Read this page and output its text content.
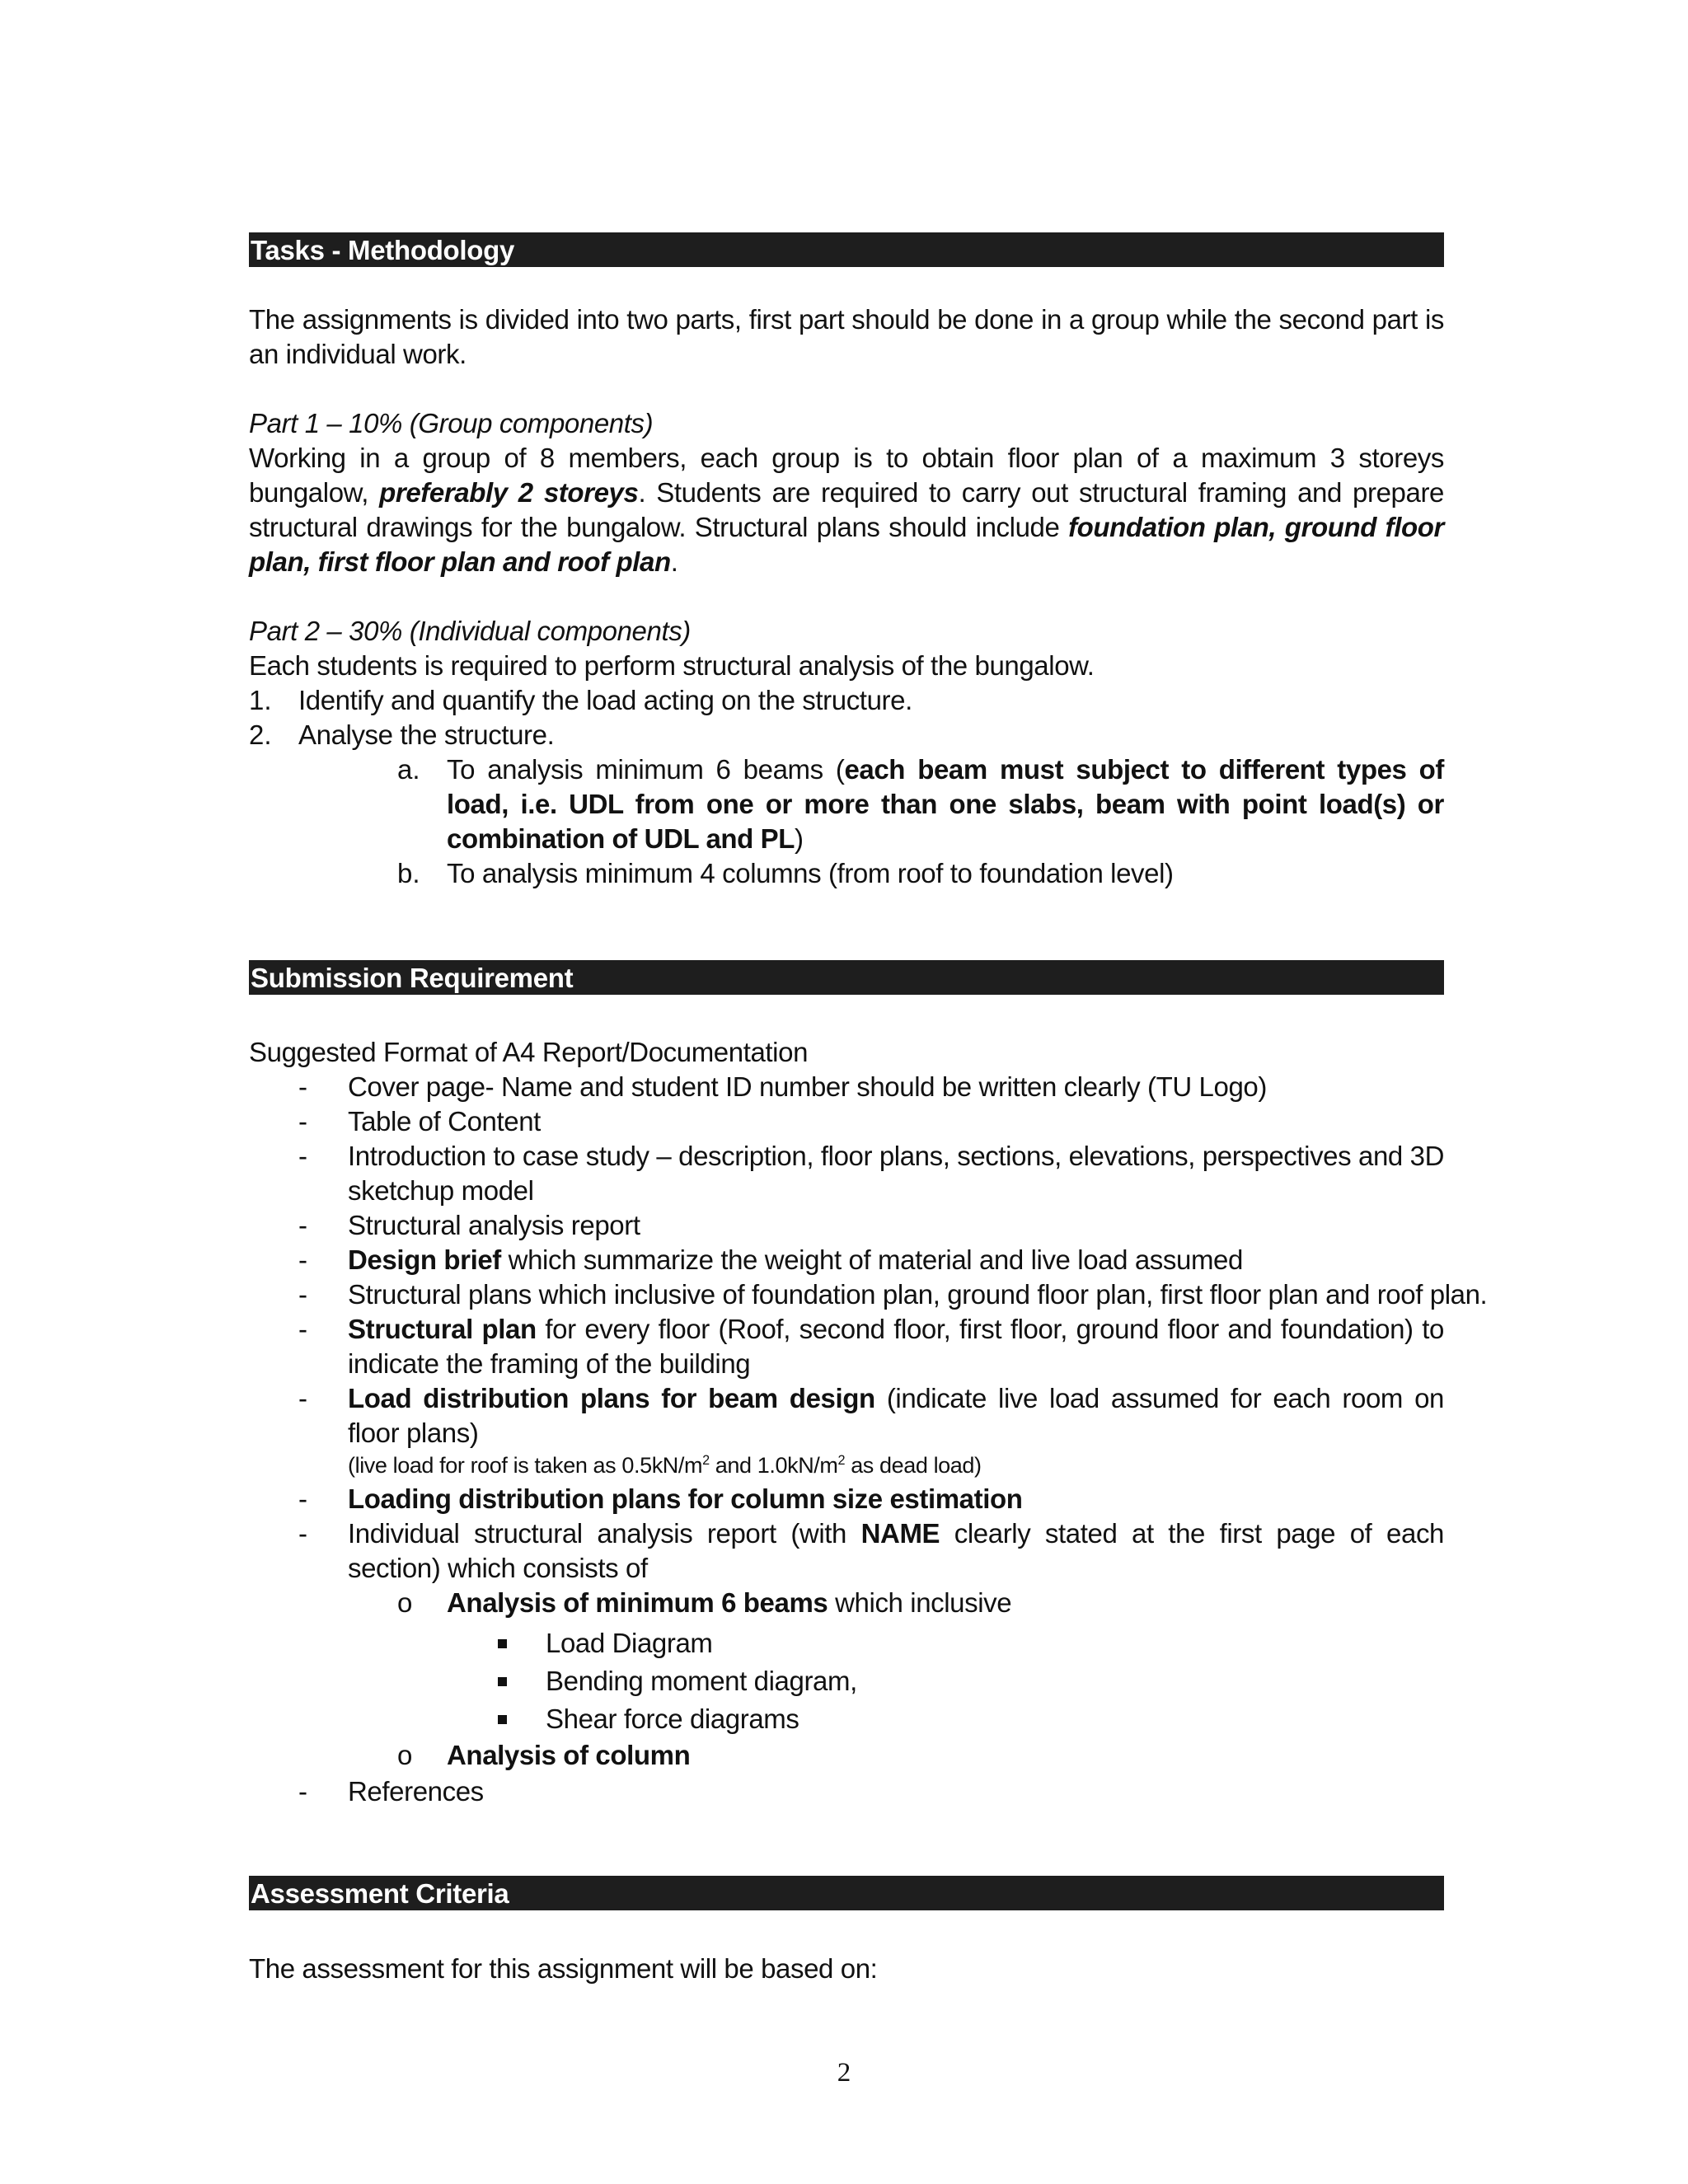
Tasks - Methodology
The assignments is divided into two parts, first part should be done in a group while the second part is an individual work.
Part 1 – 10% (Group components)
Working in a group of 8 members, each group is to obtain floor plan of a maximum 3 storeys bungalow, preferably 2 storeys. Students are required to carry out structural framing and prepare structural drawings for the bungalow. Structural plans should include foundation plan, ground floor plan, first floor plan and roof plan.
Part 2 – 30% (Individual components)
Each students is required to perform structural analysis of the bungalow.
1. Identify and quantify the load acting on the structure.
2. Analyse the structure.
a. To analysis minimum 6 beams (each beam must subject to different types of load, i.e. UDL from one or more than one slabs, beam with point load(s) or combination of UDL and PL)
b. To analysis minimum 4 columns (from roof to foundation level)
Submission Requirement
Suggested Format of A4 Report/Documentation
- Cover page- Name and student ID number should be written clearly (TU Logo)
- Table of Content
- Introduction to case study – description, floor plans, sections, elevations, perspectives and 3D
sketchup model
- Structural analysis report
- Design brief which summarize the weight of material and live load assumed
- Structural plans which inclusive of foundation plan, ground floor plan, first floor plan and roof plan.
- Structural plan for every floor (Roof, second floor, first floor, ground floor and foundation) to indicate the framing of the building
- Load distribution plans for beam design (indicate live load assumed for each room on floor plans)
(live load for roof is taken as $0.5kN/m^2$ and $1.0kN/m^2$ as dead load)
- Loading distribution plans for column size estimation
- Individual structural analysis report (with NAME clearly stated at the first page of each section) which consists of
o Analysis of minimum 6 beams which inclusive
Load Diagram
Bending moment diagram,
Shear force diagrams
o Analysis of column
- References
Assessment Criteria
The assessment for this assignment will be based on:
2
